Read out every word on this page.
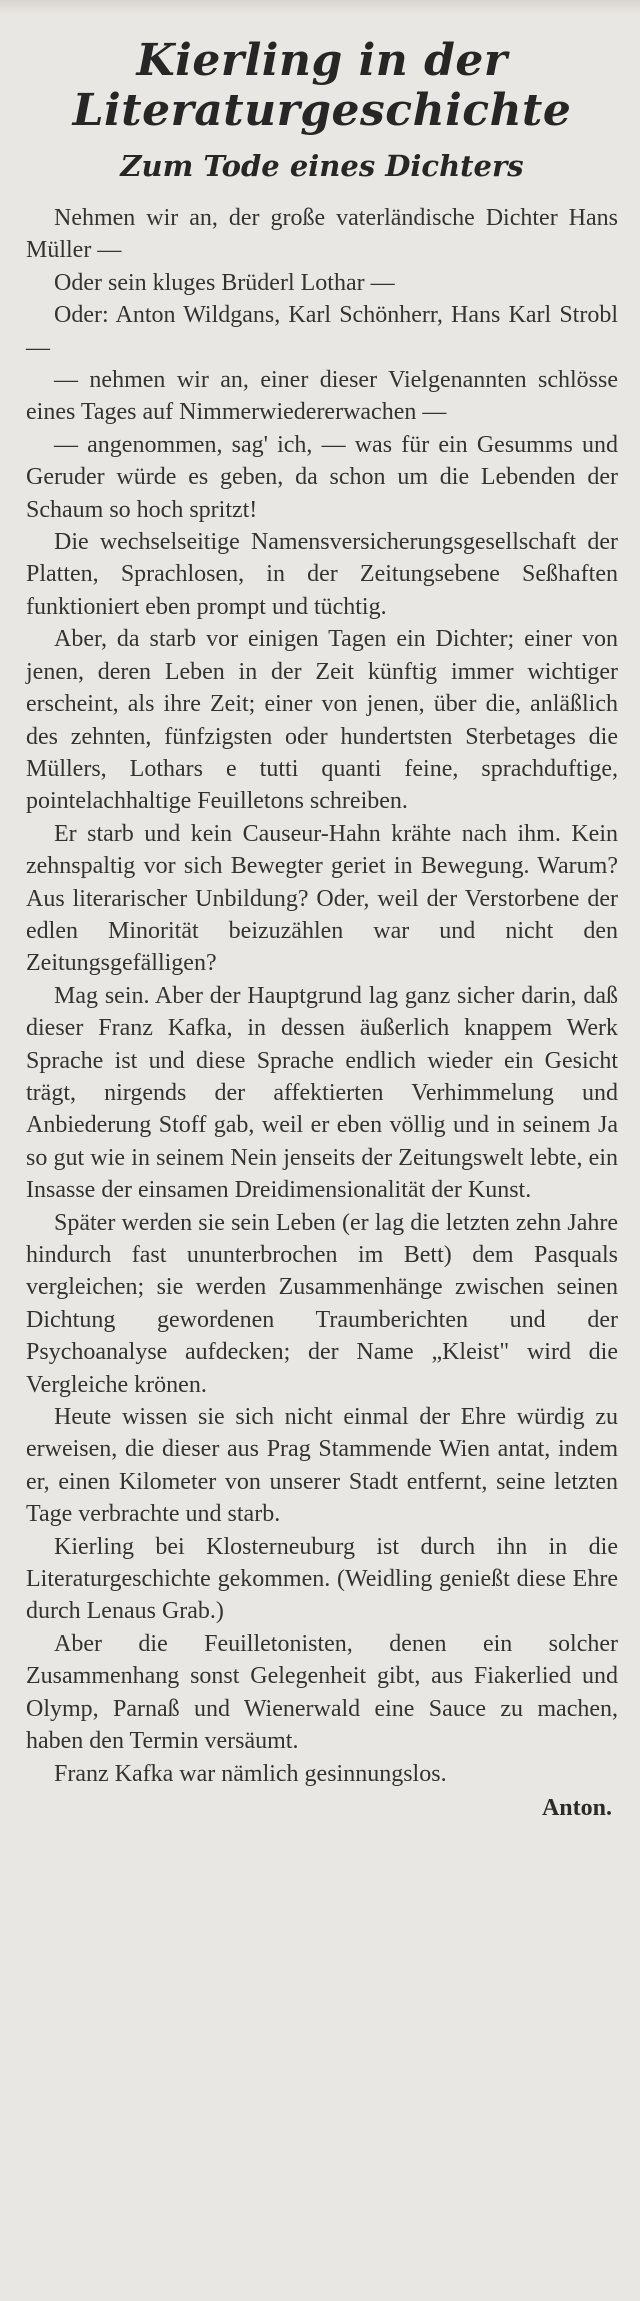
Kierling in der Literaturgeschichte
Zum Tode eines Dichters

Nehmen wir an, der große vaterländische Dichter Hans Müller —

Oder sein kluges Brüderl Lothar —

Oder: Anton Wildgans, Karl Schönherr, Hans Karl Strobl —

— nehmen wir an, einer dieser Vielgenannten schlösse eines Tages auf Nimmerwiedererwachen —

— angenommen, sag' ich, — was für ein Gesumms und Geruder würde es geben, da schon um die Lebenden der Schaum so hoch spritzt!

Die wechselseitige Namensversicherungsgesellschaft der Platten, Sprachlosen, in der Zeitungsebene Seßhaften funktioniert eben prompt und tüchtig.

Aber, da starb vor einigen Tagen ein Dichter; einer von jenen, deren Leben in der Zeit künftig immer wichtiger erscheint, als ihre Zeit; einer von jenen, über die, anläßlich des zehnten, fünfzigsten oder hundertsten Sterbetages die Müllers, Lothars e tutti quanti feine, sprachduftige, pointelachhaltige Feuilletons schreiben.

Er starb und kein Causeur-Hahn krähte nach ihm. Kein zehnspaltig vor sich Bewegter geriet in Bewegung. Warum? Aus literarischer Unbildung? Oder, weil der Verstorbene der edlen Minorität beizuzählen war und nicht den Zeitungsgefälligen?

Mag sein. Aber der Hauptgrund lag ganz sicher darin, daß dieser Franz Kafka, in dessen äußerlich knappem Werk Sprache ist und diese Sprache endlich wieder ein Gesicht trägt, nirgends der affektierten Verhimmelung und Anbiederung Stoff gab, weil er eben völlig und in seinem Ja so gut wie in seinem Nein jenseits der Zeitungswelt lebte, ein Insasse der einsamen Dreidimensionalität der Kunst.

Später werden sie sein Leben (er lag die letzten zehn Jahre hindurch fast ununterbrochen im Bett) dem Pasquals vergleichen; sie werden Zusammenhänge zwischen seinen Dichtung gewordenen Traumberichten und der Psychoanalyse aufdecken; der Name „Kleist" wird die Vergleiche krönen.

Heute wissen sie sich nicht einmal der Ehre würdig zu erweisen, die dieser aus Prag Stammende Wien antat, indem er, einen Kilometer von unserer Stadt entfernt, seine letzten Tage verbrachte und starb.

Kierling bei Klosterneuburg ist durch ihn in die Literaturgeschichte gekommen. (Weidling genießt diese Ehre durch Lenaus Grab.)

Aber die Feuilletonisten, denen ein solcher Zusammenhang sonst Gelegenheit gibt, aus Fiakerlied und Olymp, Parnaß und Wienerwald eine Sauce zu machen, haben den Termin versäumt.

Franz Kafka war nämlich gesinnungslos.

Anton.
